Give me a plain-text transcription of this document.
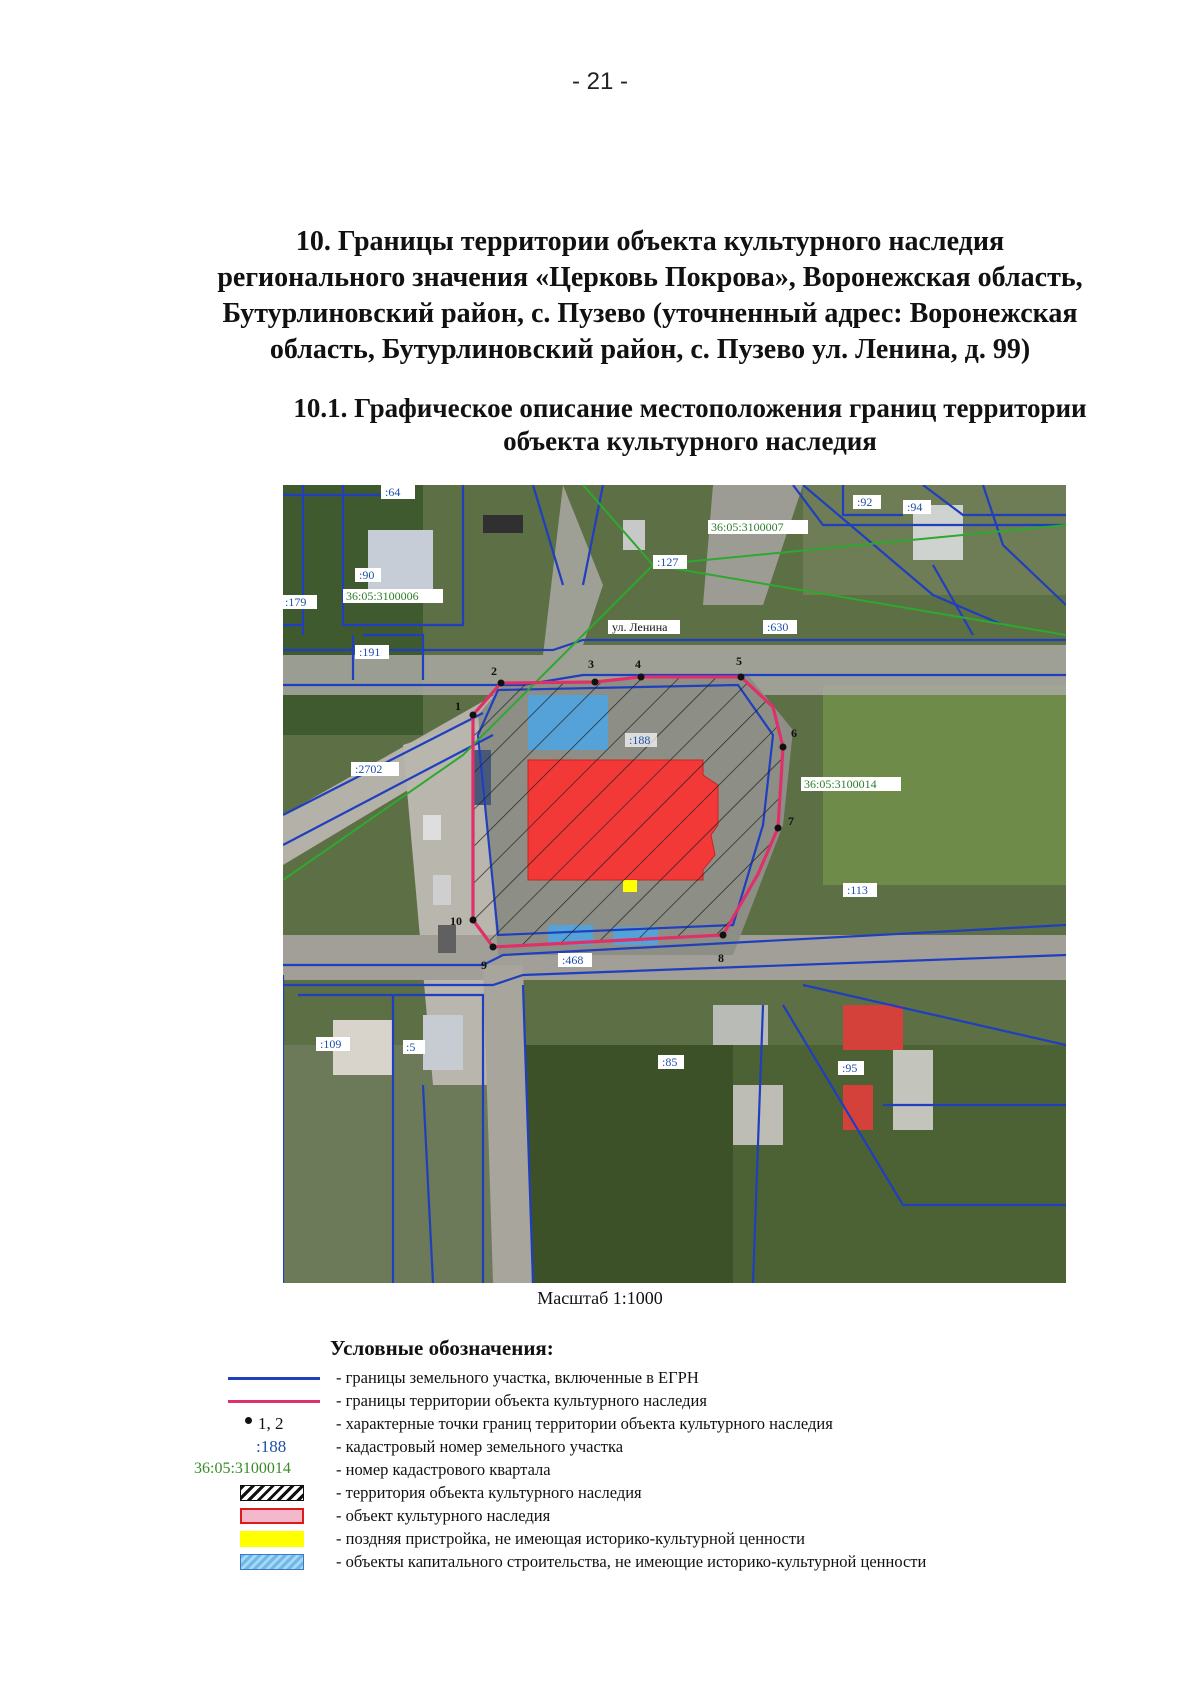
- 21 -

10. Границы территории объекта культурного наследия

регионального значения «Церковь Покрова», Воронежская область,

Бутурлиновский район, с. Пузево (уточненный адрес: Воронежская

область, Бутурлиновский район, с. Пузево ул. Ленина, д. 99)

10.1. Графическое описание местоположения границ территории

объекта культурного наследия

1
2	3	4	5
6
7
8
9
10
ул. Ленина
:64
:92	:94
:90
:179
:191
:127
:630
:188
:2702
:113
:468
:109	:5
:85	:95
36:05:3100007
36:05:3100006
36:05:3100014
Масштаб 1:1000
Условные обозначения:
- границы земельного участка, включенные в ЕГРН
- границы территории объекта культурного наследия
1, 2	- характерные точки границ территории объекта культурного наследия
:188	- кадастровый номер земельного участка
36:05:3100014	- номер кадастрового квартала
- территория объекта культурного наследия
- объект культурного наследия
- поздняя пристройка, не имеющая историко-культурной ценности
- объекты капитального строительства, не имеющие историко-культурной ценности
